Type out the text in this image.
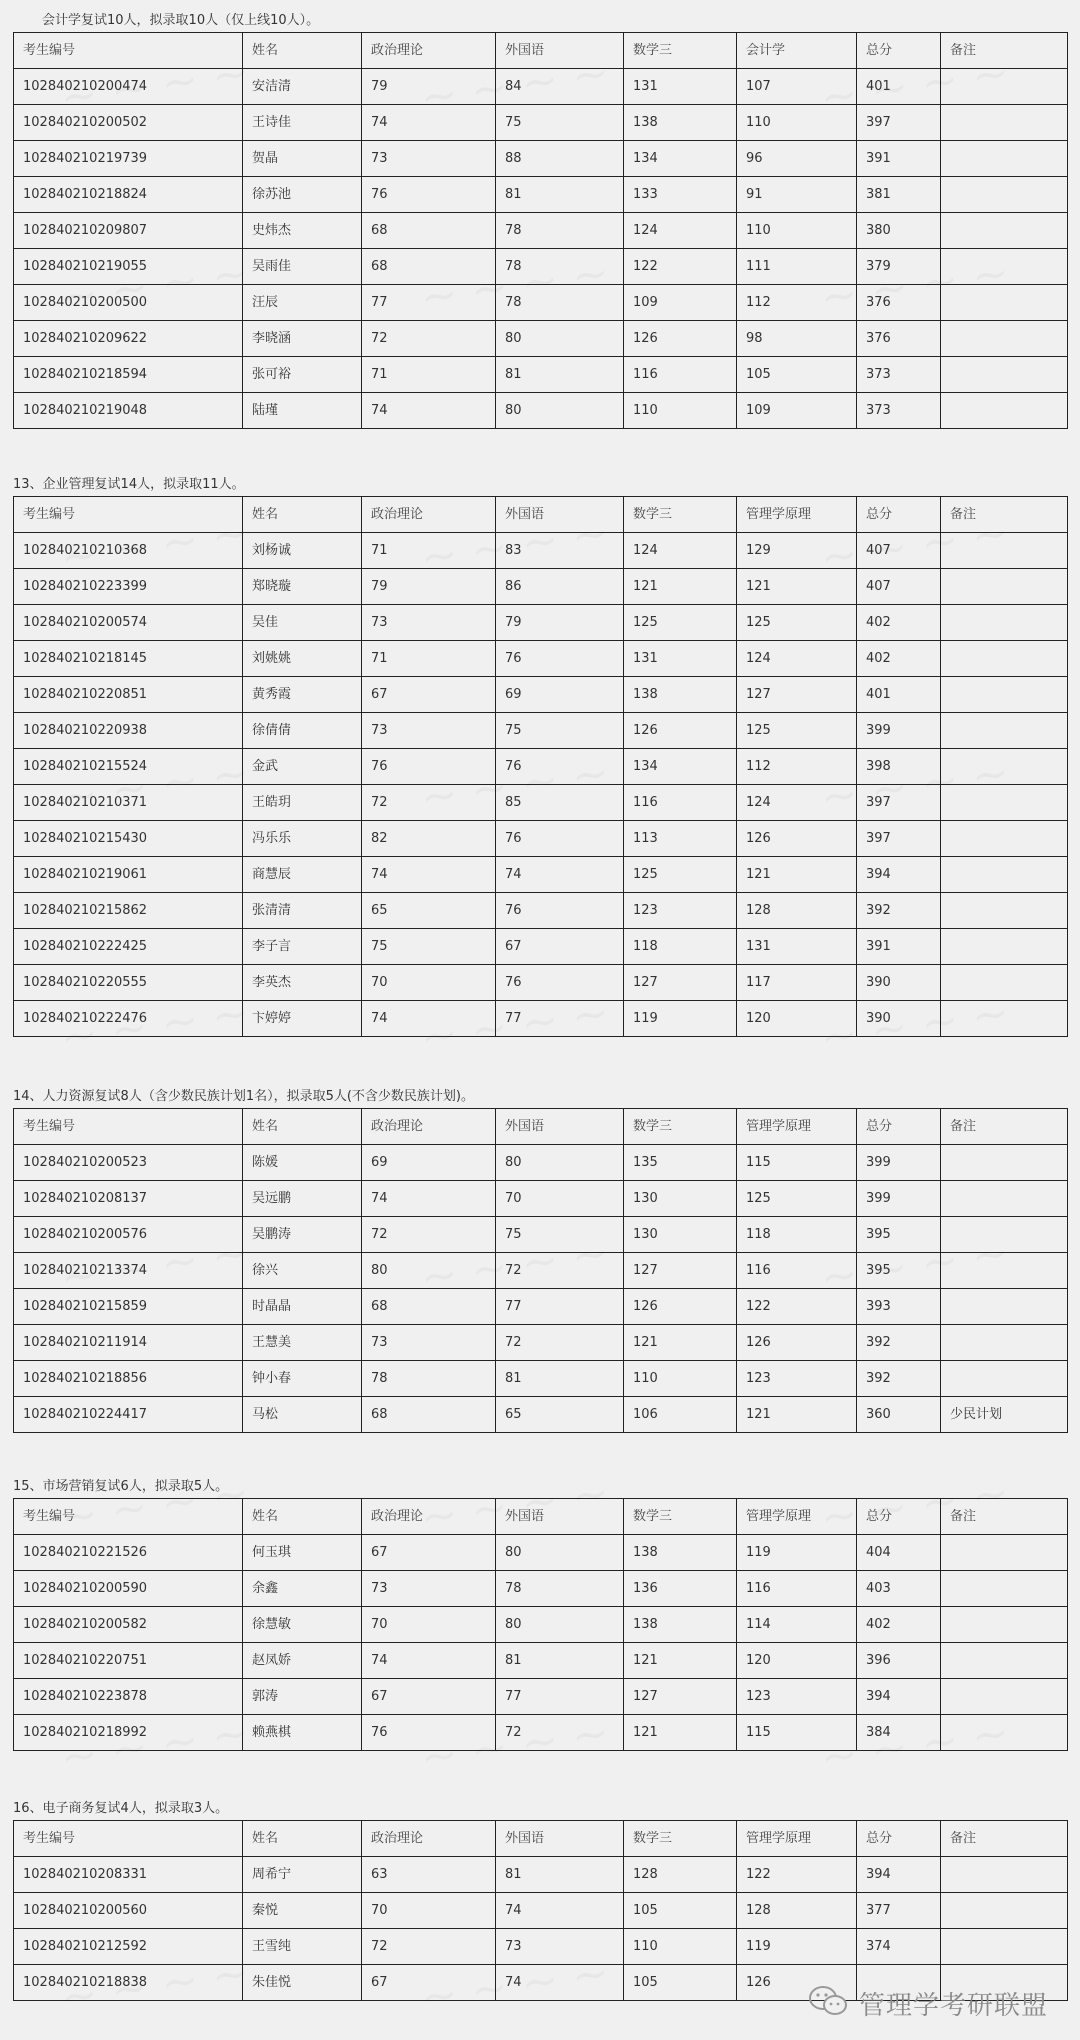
会计学复试10人，拟录取10人（仅上线10人）。
考生编号	姓名	政治理论	外国语	数学三	会计学	总分	备注
102840210200474	安洁清	79	84	131	107	401	
102840210200502	王诗佳	74	75	138	110	397	
102840210219739	贺晶	73	88	134	96	391	
102840210218824	徐苏池	76	81	133	91	381	
102840210209807	史炜杰	68	78	124	110	380	
102840210219055	吴雨佳	68	78	122	111	379	
102840210200500	汪辰	77	78	109	112	376	
102840210209622	李晓涵	72	80	126	98	376	
102840210218594	张可裕	71	81	116	105	373	
102840210219048	陆瑾	74	80	110	109	373	
13、企业管理复试14人，拟录取11人。
考生编号	姓名	政治理论	外国语	数学三	管理学原理	总分	备注
102840210210368	刘杨诚	71	83	124	129	407	
102840210223399	郑晓璇	79	86	121	121	407	
102840210200574	吴佳	73	79	125	125	402	
102840210218145	刘姚姚	71	76	131	124	402	
102840210220851	黄秀霞	67	69	138	127	401	
102840210220938	徐倩倩	73	75	126	125	399	
102840210215524	金武	76	76	134	112	398	
102840210210371	王皓玥	72	85	116	124	397	
102840210215430	冯乐乐	82	76	113	126	397	
102840210219061	商慧辰	74	74	125	121	394	
102840210215862	张清清	65	76	123	128	392	
102840210222425	李子言	75	67	118	131	391	
102840210220555	李英杰	70	76	127	117	390	
102840210222476	卞婷婷	74	77	119	120	390	
14、人力资源复试8人（含少数民族计划1名），拟录取5人(不含少数民族计划)。
考生编号	姓名	政治理论	外国语	数学三	管理学原理	总分	备注
102840210200523	陈媛	69	80	135	115	399	
102840210208137	吴远鹏	74	70	130	125	399	
102840210200576	吴鹏涛	72	75	130	118	395	
102840210213374	徐兴	80	72	127	116	395	
102840210215859	时晶晶	68	77	126	122	393	
102840210211914	王慧美	73	72	121	126	392	
102840210218856	钟小春	78	81	110	123	392	
102840210224417	马松	68	65	106	121	360	少民计划
15、市场营销复试6人，拟录取5人。
考生编号	姓名	政治理论	外国语	数学三	管理学原理	总分	备注
102840210221526	何玉琪	67	80	138	119	404	
102840210200590	余鑫	73	78	136	116	403	
102840210200582	徐慧敏	70	80	138	114	402	
102840210220751	赵凤娇	74	81	121	120	396	
102840210223878	郭涛	67	77	127	123	394	
102840210218992	赖燕棋	76	72	121	115	384	
16、电子商务复试4人，拟录取3人。
考生编号	姓名	政治理论	外国语	数学三	管理学原理	总分	备注
102840210208331	周希宁	63	81	128	122	394	
102840210200560	秦悦	70	74	105	128	377	
102840210212592	王雪纯	72	73	110	119	374	
102840210218838	朱佳悦	67	74	105	126		
管理学考研联盟
